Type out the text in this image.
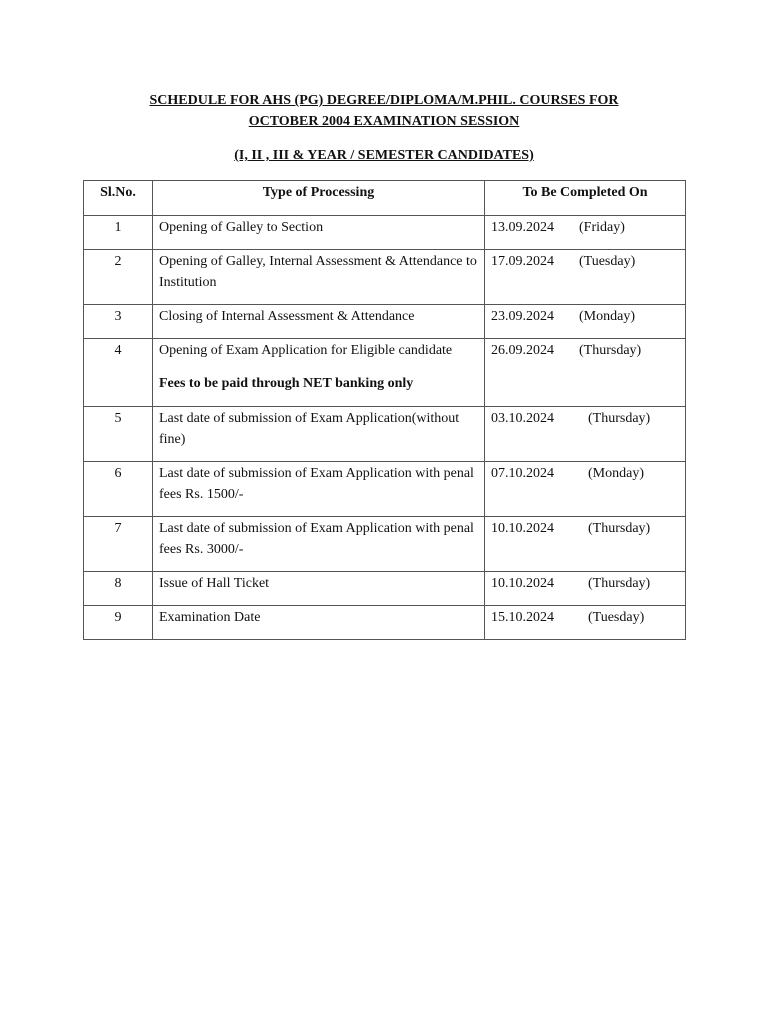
SCHEDULE FOR AHS (PG) DEGREE/DIPLOMA/M.PHIL. COURSES FOR
OCTOBER 2004 EXAMINATION SESSION
(I, II , III & YEAR / SEMESTER CANDIDATES)
Sl.No.	Type of Processing	To Be Completed On
1	Opening of Galley to Section	13.09.2024 (Friday)
2	Opening of Galley, Internal Assessment & Attendance to Institution	17.09.2024 (Tuesday)
3	Closing of Internal Assessment & Attendance	23.09.2024 (Monday)
4	Opening of Exam Application for Eligible candidate
Fees to be paid through NET banking only	26.09.2024 (Thursday)
5	Last date of submission of Exam Application(without fine)	03.10.2024 (Thursday)
6	Last date of submission of Exam Application with penal fees Rs. 1500/-	07.10.2024 (Monday)
7	Last date of submission of Exam Application with penal fees Rs. 3000/-	10.10.2024 (Thursday)
8	Issue of Hall Ticket	10.10.2024 (Thursday)
9	Examination Date	15.10.2024 (Tuesday)
